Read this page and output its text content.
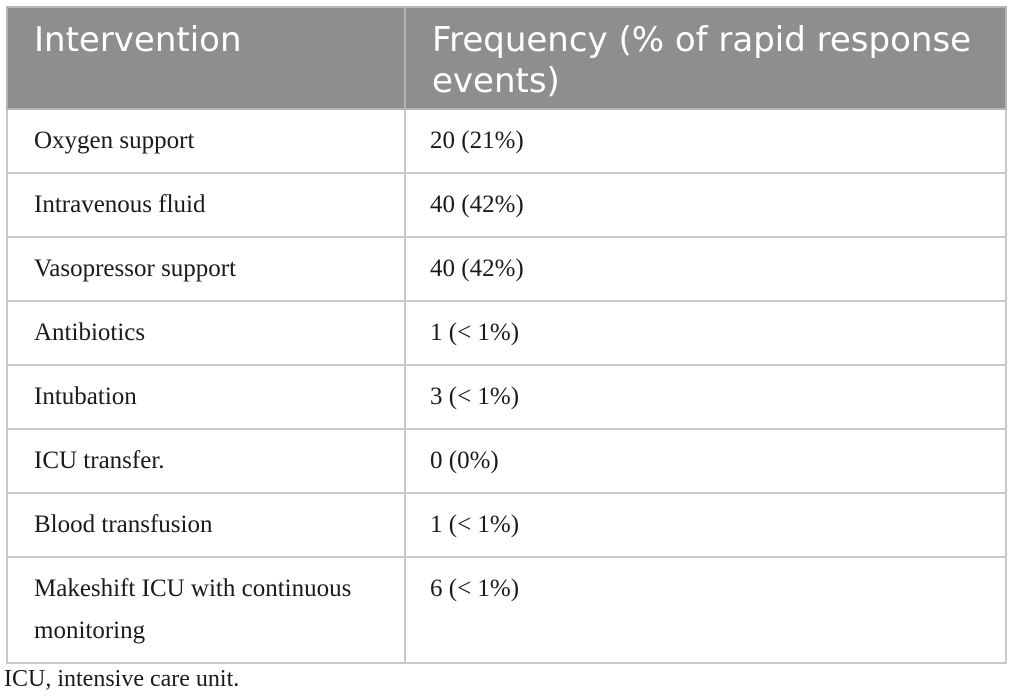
Intervention	Frequency (% of rapid response events)
Oxygen support	20 (21%)
Intravenous fluid	40 (42%)
Vasopressor support	40 (42%)
Antibiotics	1 (< 1%)
Intubation	3 (< 1%)
ICU transfer.	0 (0%)
Blood transfusion	1 (< 1%)
Makeshift ICU with continuous monitoring	6 (< 1%)
ICU, intensive care unit.
